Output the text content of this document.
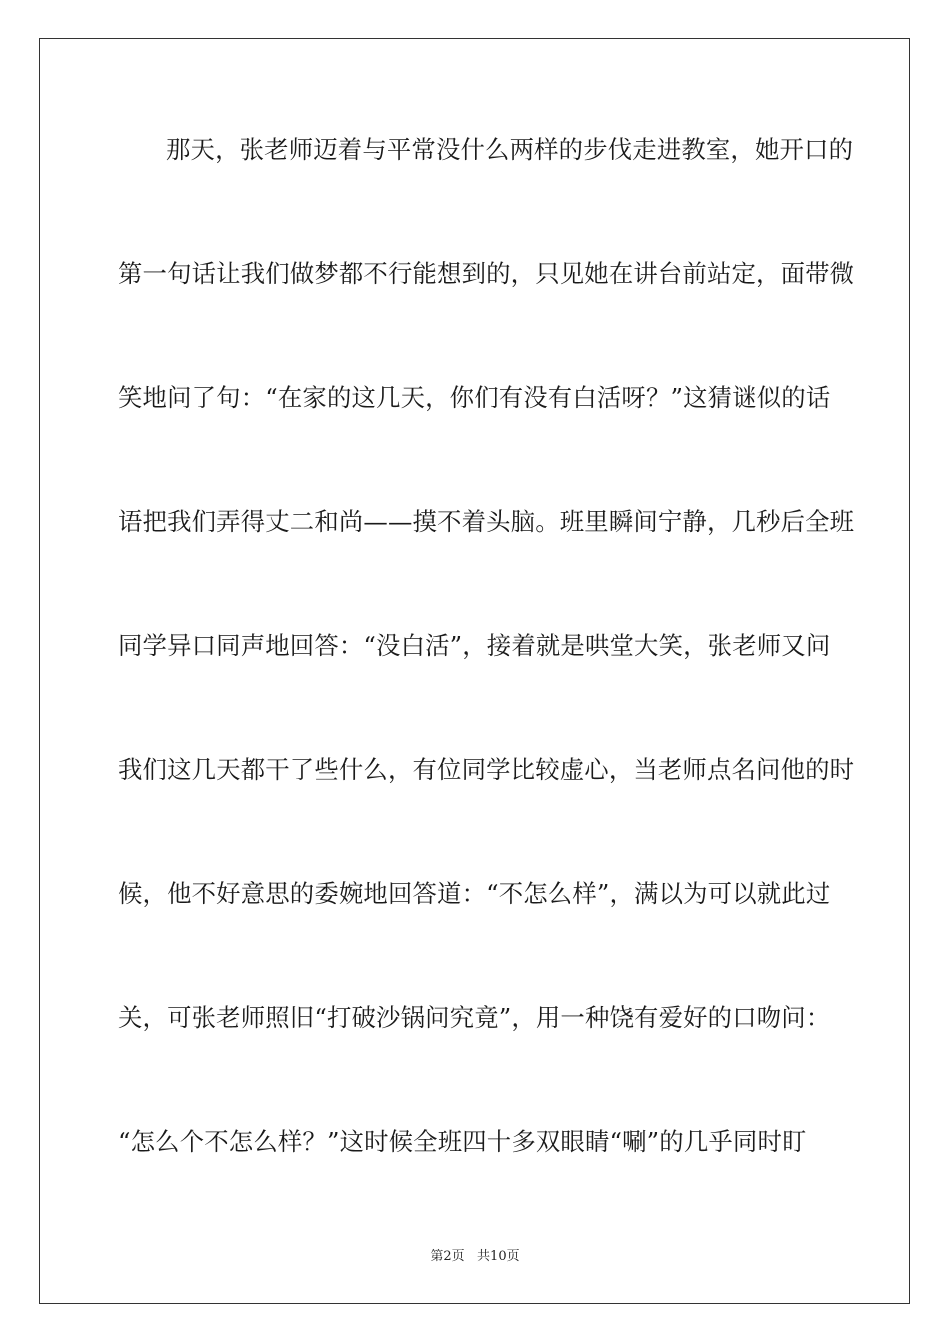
那天，张老师迈着与平常没什么两样的步伐走进教室，她开口的
第一句话让我们做梦都不行能想到的，只见她在讲台前站定，面带微
笑地问了句：“在家的这几天，你们有没有白活呀？”这猜谜似的话
语把我们弄得丈二和尚——摸不着头脑。班里瞬间宁静，几秒后全班
同学异口同声地回答：“没白活”，接着就是哄堂大笑，张老师又问
我们这几天都干了些什么，有位同学比较虚心，当老师点名问他的时
候，他不好意思的委婉地回答道：“不怎么样”，满以为可以就此过
关，可张老师照旧“打破沙锅问究竟”，用一种饶有爱好的口吻问：
“怎么个不怎么样？”这时候全班四十多双眼睛“唰”的几乎同时盯
第2页   共10页
